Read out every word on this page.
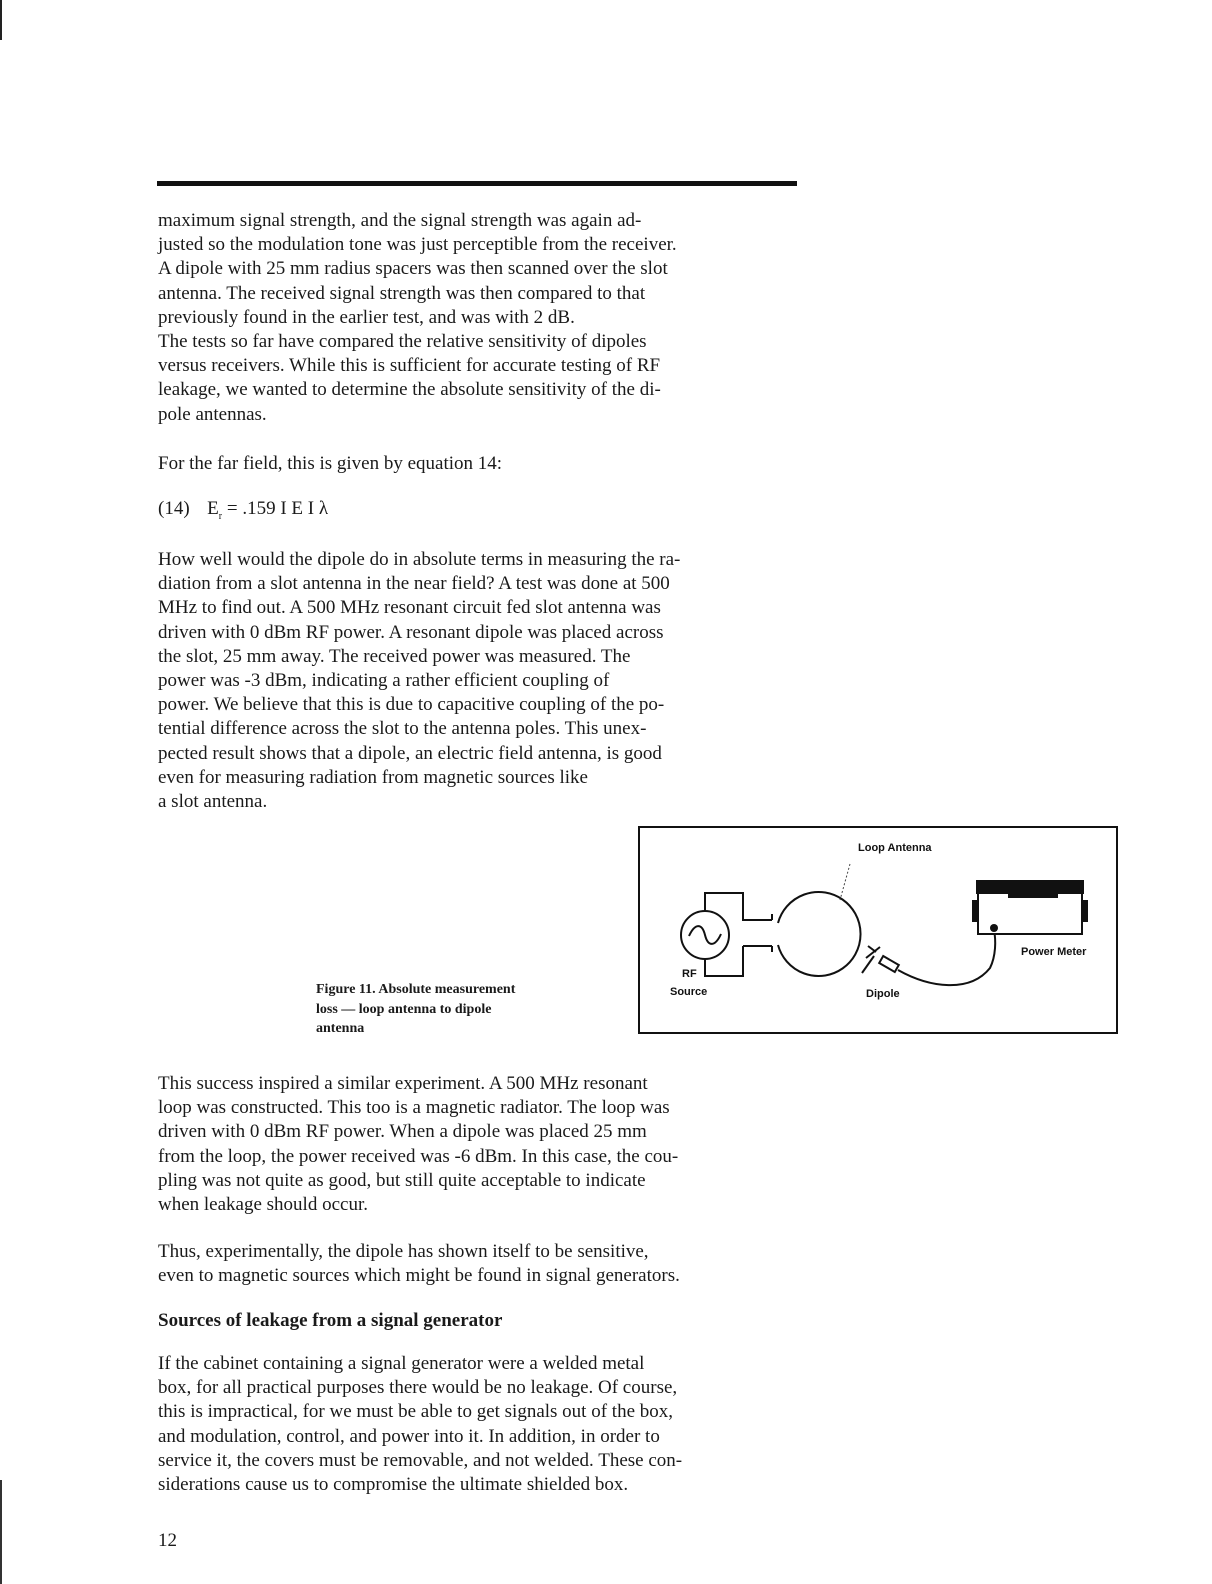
maximum signal strength, and the signal strength was again ad-
justed so the modulation tone was just perceptible from the receiver.
A dipole with 25 mm radius spacers was then scanned over the slot
antenna. The received signal strength was then compared to that
previously found in the earlier test, and was with 2 dB.
The tests so far have compared the relative sensitivity of dipoles
versus receivers. While this is sufficient for accurate testing of RF
leakage, we wanted to determine the absolute sensitivity of the di-
pole antennas.

For the far field, this is given by equation 14:

(14) $E_r = .159$ I E I λ

How well would the dipole do in absolute terms in measuring the ra-
diation from a slot antenna in the near field? A test was done at 500
MHz to find out. A 500 MHz resonant circuit fed slot antenna was
driven with 0 dBm RF power. A resonant dipole was placed across
the slot, 25 mm away. The received power was measured. The
power was -3 dBm, indicating a rather efficient coupling of
power. We believe that this is due to capacitive coupling of the po-
tential difference across the slot to the antenna poles. This unex-
pected result shows that a dipole, an electric field antenna, is good
even for measuring radiation from magnetic sources like
a slot antenna.

Figure 11. Absolute measurement
loss — loop antenna to dipole
antenna
Loop Antenna
Power Meter
RF
Source	Dipole

This success inspired a similar experiment. A 500 MHz resonant
loop was constructed. This too is a magnetic radiator. The loop was
driven with 0 dBm RF power. When a dipole was placed 25 mm
from the loop, the power received was -6 dBm. In this case, the cou-
pling was not quite as good, but still quite acceptable to indicate
when leakage should occur.

Thus, experimentally, the dipole has shown itself to be sensitive,
even to magnetic sources which might be found in signal generators.

Sources of leakage from a signal generator

If the cabinet containing a signal generator were a welded metal
box, for all practical purposes there would be no leakage. Of course,
this is impractical, for we must be able to get signals out of the box,
and modulation, control, and power into it. In addition, in order to
service it, the covers must be removable, and not welded. These con-
siderations cause us to compromise the ultimate shielded box.

12
